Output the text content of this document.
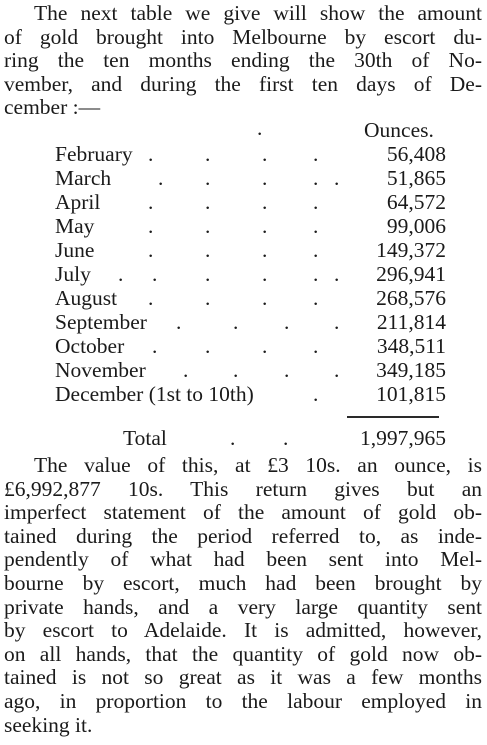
The next table we give will show the amount
of gold brought into Melbourne by escort du-
ring the ten months ending the 30th of No-
vember, and during the first ten days of De-
cember :—
.	Ounces.
February . . . .	56,408
March . . . . . 51,865
April . . . .	64,572
May . . . .	99,006
June . . . .	149,372
July . . . . . . 296,941
August . . . .	268,576
September . . . . 211,814
October . . . .	348,511
November . . . . 349,185
December (1st to 10th)	.	101,815
Total	. .	1,997,965
The value of this, at £3 10s. an ounce, is
£6,992,877 10s. This return gives but an
imperfect statement of the amount of gold ob-
tained during the period referred to, as inde-
pendently of what had been sent into Mel-
bourne by escort, much had been brought by
private hands, and a very large quantity sent
by escort to Adelaide. It is admitted, however,
on all hands, that the quantity of gold now ob-
tained is not so great as it was a few months
ago, in proportion to the labour employed in
seeking it.
